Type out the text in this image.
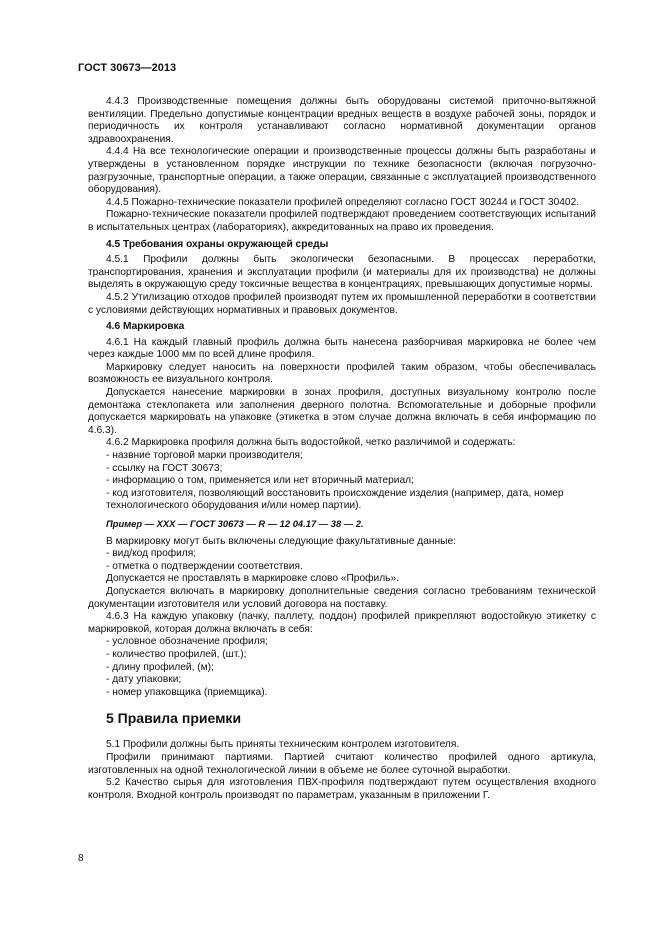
ГОСТ 30673—2013

4.4.3 Производственные помещения должны быть оборудованы системой приточно-вытяжной вентиляции. Предельно допустимые концентрации вредных веществ в воздухе рабочей зоны, порядок и периодичность их контроля устанавливают согласно нормативной документации органов здравоохранения.

4.4.4 На все технологические операции и производственные процессы должны быть разработаны и утверждены в установленном порядке инструкции по технике безопасности (включая погрузочно-разгрузочные, транспортные операции, а также операции, связанные с эксплуатацией производственного оборудования).

4.4.5 Пожарно-технические показатели профилей определяют согласно ГОСТ 30244 и ГОСТ 30402.

Пожарно-технические показатели профилей подтверждают проведением соответствующих испытаний в испытательных центрах (лабораториях), аккредитованных на право их проведения.

4.5 Требования охраны окружающей среды

4.5.1 Профили должны быть экологически безопасными. В процессах переработки, транспортирования, хранения и эксплуатации профили (и материалы для их производства) не должны выделять в окружающую среду токсичные вещества в концентрациях, превышающих допустимые нормы.

4.5.2 Утилизацию отходов профилей производят путем их промышленной переработки в соответствии с условиями действующих нормативных и правовых документов.

4.6 Маркировка

4.6.1 На каждый главный профиль должна быть нанесена разборчивая маркировка не более чем через каждые 1000 мм по всей длине профиля.

Маркировку следует наносить на поверхности профилей таким образом, чтобы обеспечивалась возможность ее визуального контроля.

Допускается нанесение маркировки в зонах профиля, доступных визуальному контролю после демонтажа стеклопакета или заполнения дверного полотна. Вспомогательные и доборные профили допускается маркировать на упаковке (этикетка в этом случае должна включать в себя информацию по 4.6.3).

4.6.2 Маркировка профиля должна быть водостойкой, четко различимой и содержать:

- назвние торговой марки производителя;

- ссылку на ГОСТ 30673;

- информацию о том, применяется или нет вторичный материал;

- код изготовителя, позволяющий восстановить происхождение изделия (например, дата, номер технологического оборудования и/или номер партии).

Пример — ХХХ — ГОСТ 30673 — R — 12 04.17 — 38 — 2.

В маркировку могут быть включены следующие факультативные данные:

- вид/код профиля;

- отметка о подтверждении соответствия.

Допускается не проставлять в маркировке слово «Профиль».

Допускается включать в маркировку дополнительные сведения согласно требованиям технической документации изготовителя или условий договора на поставку.

4.6.3 На каждую упаковку (пачку, паллету, поддон) профилей прикрепляют водостойкую этикетку с маркировкой, которая должна включать в себя:

- условное обозначение профиля;

- количество профилей, (шт.);

- длину профилей, (м);

- дату упаковки;

- номер упаковщика (приемщика).

5 Правила приемки

5.1 Профили должны быть приняты техническим контролем изготовителя.

Профили принимают партиями. Партией считают количество профилей одного артикула, изготовленных на одной технологической линии в объеме не более суточной выработки.

5.2 Качество сырья для изготовления ПВХ-профиля подтверждают путем осуществления входного контроля. Входной контроль производят по параметрам, указанным в приложении Г.

8
